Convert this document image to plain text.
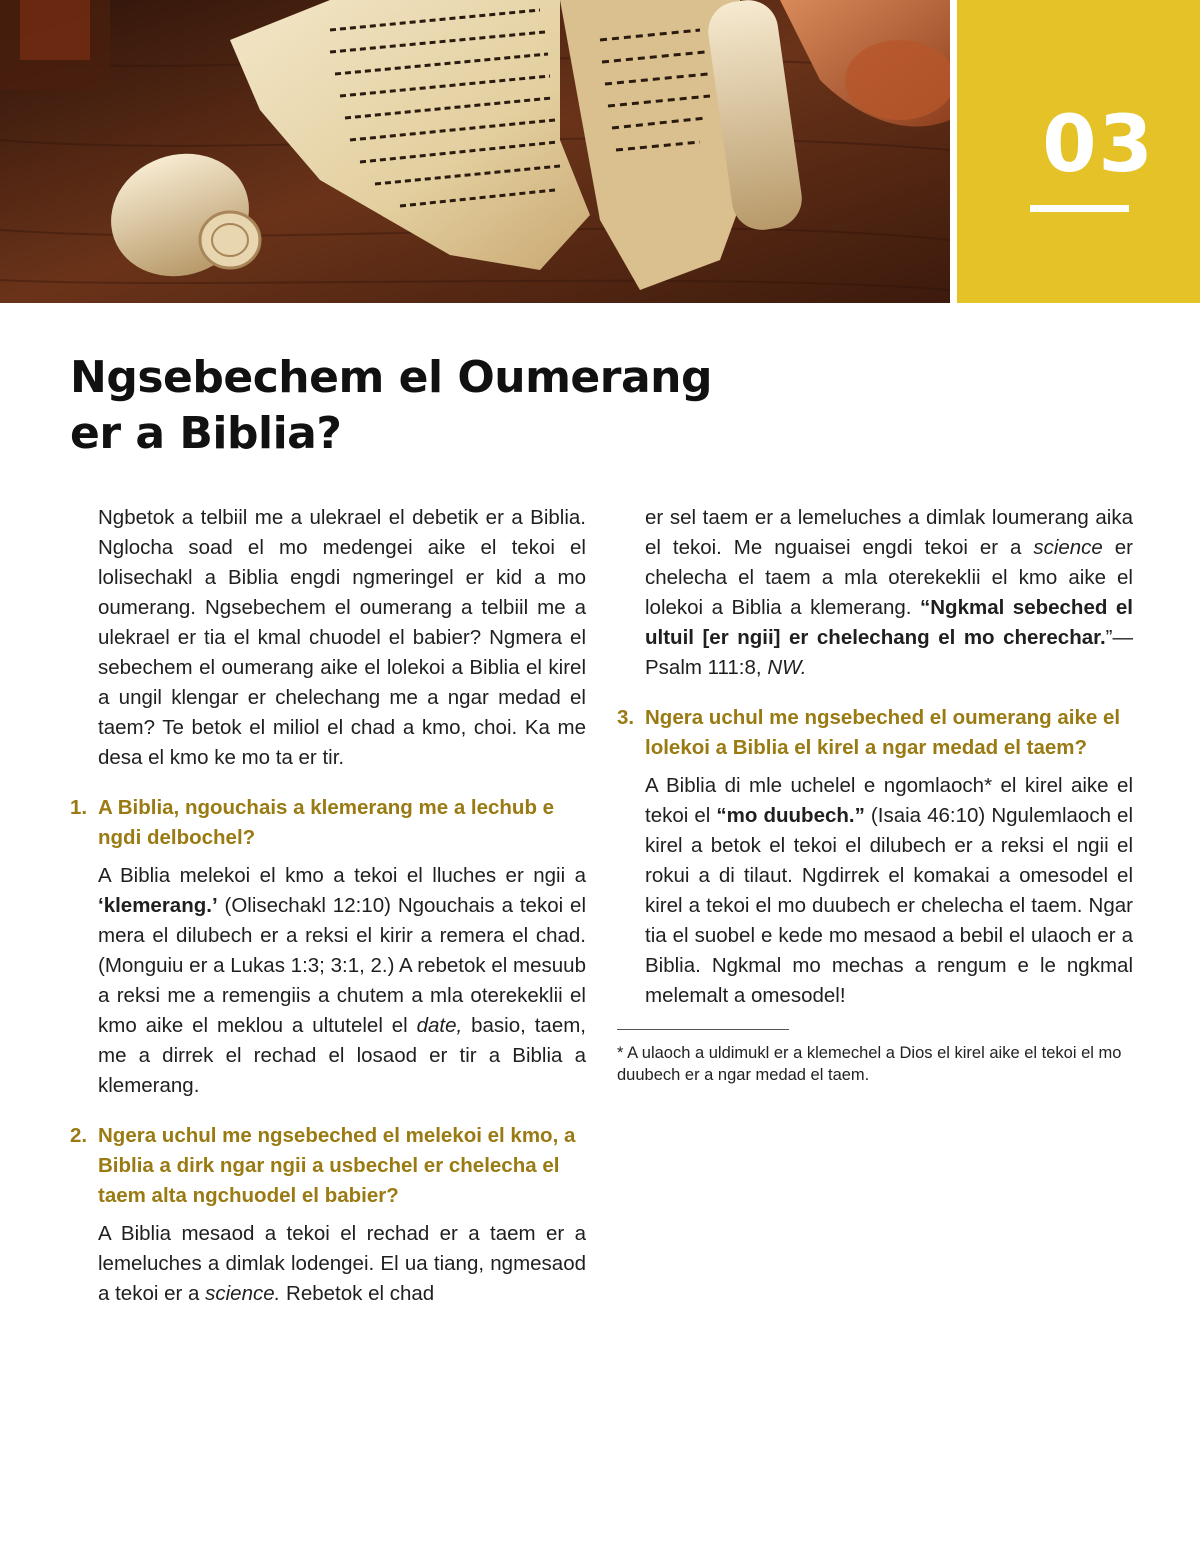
03
Ngsebechem el Oumerang
er a Biblia?

Ngbetok a telbiil me a ulekrael el debetik er a Biblia. Nglocha soad el mo medengei aike el tekoi el lolisechakl a Biblia engdi ngmeringel er kid a mo oumerang. Ngsebechem el oumerang a telbiil me a ulekrael er tia el kmal chuodel el babier? Ngmera el sebechem el oumerang aike el lolekoi a Biblia el kirel a ungil klengar er chelechang me a ngar medad el taem? Te betok el miliol el chad a kmo, choi. Ka me desa el kmo ke mo ta er tir.

1. A Biblia, ngouchais a klemerang me a lechub e ngdi delbochel?

A Biblia melekoi el kmo a tekoi el lluches er ngii a ‘klemerang.’ (Olisechakl 12:10) Ngouchais a tekoi el mera el dilubech er a reksi el kirir a remera el chad. (Monguiu er a Lukas 1:3; 3:1, 2.) A rebetok el mesuub a reksi me a remengiis a chutem a mla oterekeklii el kmo aike el meklou a ultutelel el date, basio, taem, me a dirrek el rechad el losaod er tir a Biblia a klemerang.

2. Ngera uchul me ngsebeched el melekoi el kmo, a Biblia a dirk ngar ngii a usbechel er chelecha el taem alta ngchuodel el babier?

A Biblia mesaod a tekoi el rechad er a taem er a lemeluches a dimlak lodengei. El ua tiang, ngmesaod a tekoi er a science. Rebetok el chad

er sel taem er a lemeluches a dimlak loumerang aika el tekoi. Me nguaisei engdi tekoi er a science er chelecha el taem a mla oterekeklii el kmo aike el lolekoi a Biblia a klemerang. “Ngkmal sebeched el ultuil [er ngii] er chelechang el mo cherechar.”—Psalm 111:8, NW.

3. Ngera uchul me ngsebeched el oumerang aike el lolekoi a Biblia el kirel a ngar medad el taem?

A Biblia di mle uchelel e ngomlaoch* el kirel aike el tekoi el “mo duubech.” (Isaia 46:10) Ngulemlaoch el kirel a betok el tekoi el dilubech er a reksi el ngii el rokui a di tilaut. Ngdirrek el komakai a omesodel el kirel a tekoi el mo duubech er chelecha el taem. Ngar tia el suobel e kede mo mesaod a bebil el ulaoch er a Biblia. Ngkmal mo mechas a rengum e le ngkmal melemalt a omesodel!

* A ulaoch a uldimukl er a klemechel a Dios el kirel aike el tekoi el mo duubech er a ngar medad el taem.
